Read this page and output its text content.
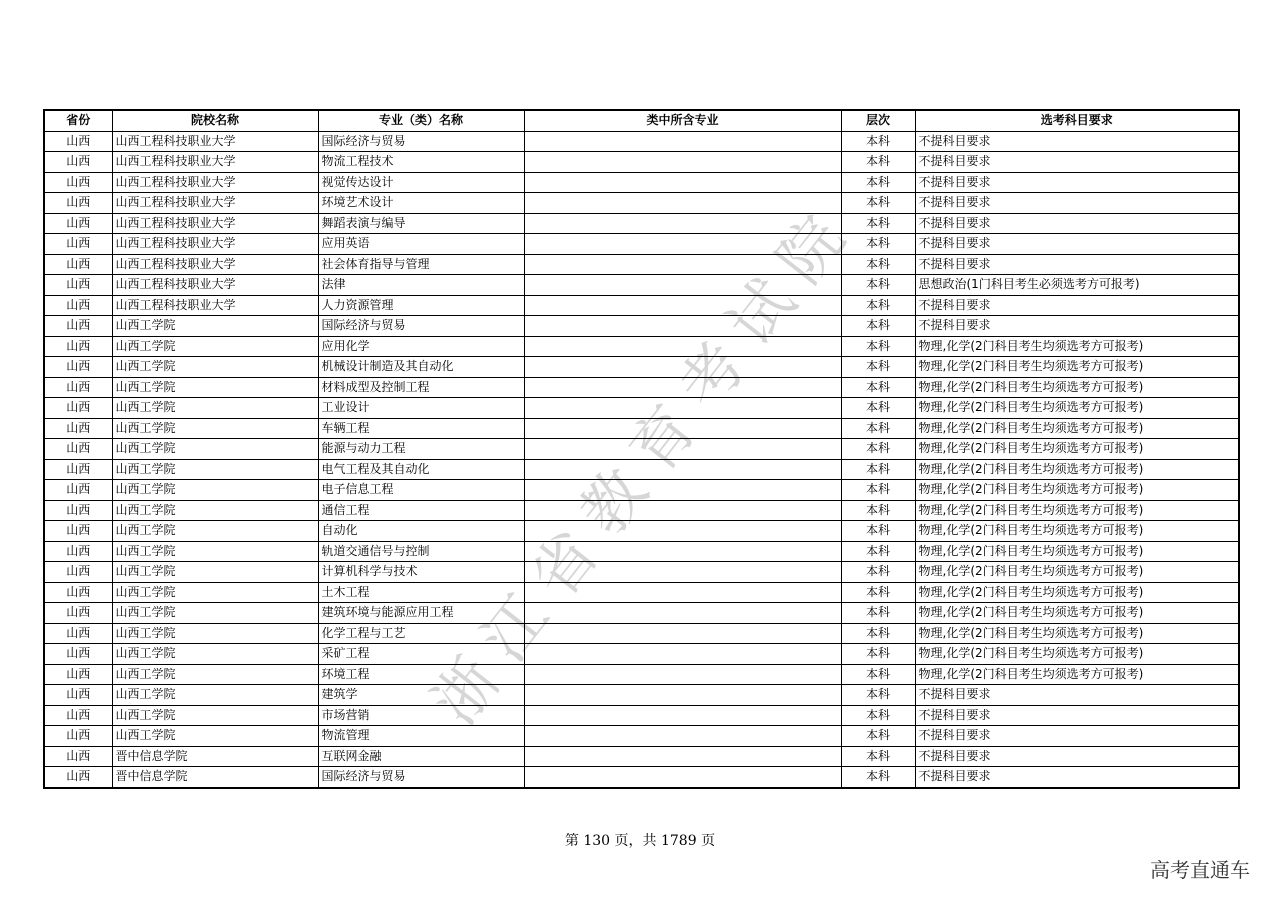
浙江省教育考试院
省份	院校名称	专业（类）名称	类中所含专业	层次	选考科目要求
山西	山西工程科技职业大学	国际经济与贸易		本科	不提科目要求
山西	山西工程科技职业大学	物流工程技术		本科	不提科目要求
山西	山西工程科技职业大学	视觉传达设计		本科	不提科目要求
山西	山西工程科技职业大学	环境艺术设计		本科	不提科目要求
山西	山西工程科技职业大学	舞蹈表演与编导		本科	不提科目要求
山西	山西工程科技职业大学	应用英语		本科	不提科目要求
山西	山西工程科技职业大学	社会体育指导与管理		本科	不提科目要求
山西	山西工程科技职业大学	法律		本科	思想政治(1门科目考生必须选考方可报考)
山西	山西工程科技职业大学	人力资源管理		本科	不提科目要求
山西	山西工学院	国际经济与贸易		本科	不提科目要求
山西	山西工学院	应用化学		本科	物理,化学(2门科目考生均须选考方可报考)
山西	山西工学院	机械设计制造及其自动化		本科	物理,化学(2门科目考生均须选考方可报考)
山西	山西工学院	材料成型及控制工程		本科	物理,化学(2门科目考生均须选考方可报考)
山西	山西工学院	工业设计		本科	物理,化学(2门科目考生均须选考方可报考)
山西	山西工学院	车辆工程		本科	物理,化学(2门科目考生均须选考方可报考)
山西	山西工学院	能源与动力工程		本科	物理,化学(2门科目考生均须选考方可报考)
山西	山西工学院	电气工程及其自动化		本科	物理,化学(2门科目考生均须选考方可报考)
山西	山西工学院	电子信息工程		本科	物理,化学(2门科目考生均须选考方可报考)
山西	山西工学院	通信工程		本科	物理,化学(2门科目考生均须选考方可报考)
山西	山西工学院	自动化		本科	物理,化学(2门科目考生均须选考方可报考)
山西	山西工学院	轨道交通信号与控制		本科	物理,化学(2门科目考生均须选考方可报考)
山西	山西工学院	计算机科学与技术		本科	物理,化学(2门科目考生均须选考方可报考)
山西	山西工学院	土木工程		本科	物理,化学(2门科目考生均须选考方可报考)
山西	山西工学院	建筑环境与能源应用工程		本科	物理,化学(2门科目考生均须选考方可报考)
山西	山西工学院	化学工程与工艺		本科	物理,化学(2门科目考生均须选考方可报考)
山西	山西工学院	采矿工程		本科	物理,化学(2门科目考生均须选考方可报考)
山西	山西工学院	环境工程		本科	物理,化学(2门科目考生均须选考方可报考)
山西	山西工学院	建筑学		本科	不提科目要求
山西	山西工学院	市场营销		本科	不提科目要求
山西	山西工学院	物流管理		本科	不提科目要求
山西	晋中信息学院	互联网金融		本科	不提科目要求
山西	晋中信息学院	国际经济与贸易		本科	不提科目要求
第 130 页，共 1789 页
高考直通车
